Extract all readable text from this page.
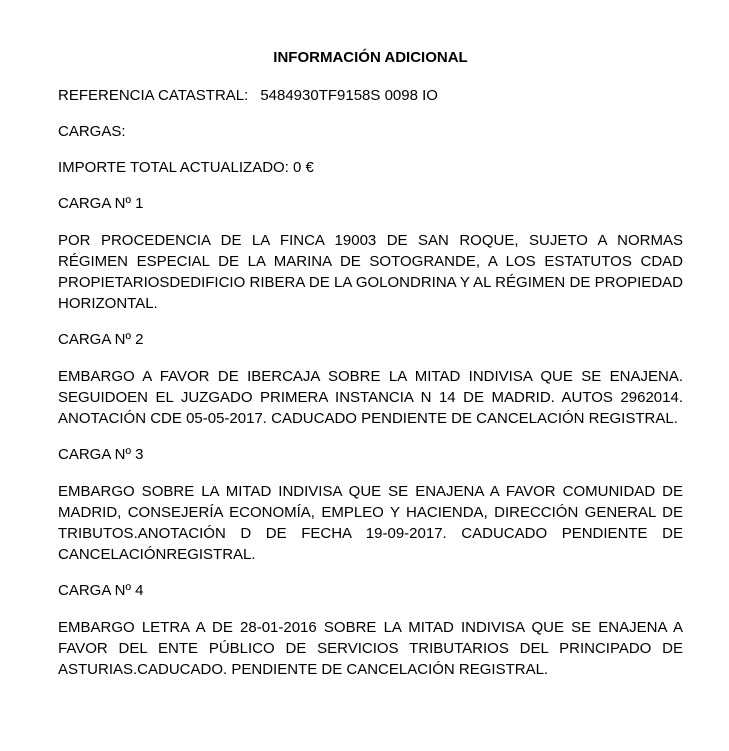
INFORMACIÓN ADICIONAL
REFERENCIA CATASTRAL: 5484930TF9158S 0098 IO
CARGAS:
IMPORTE TOTAL ACTUALIZADO: 0 €
CARGA Nº 1
POR PROCEDENCIA DE LA FINCA 19003 DE SAN ROQUE, SUJETO A NORMAS RÉGIMEN ESPECIAL DE LA MARINA DE SOTOGRANDE, A LOS ESTATUTOS CDAD PROPIETARIOSDEDIFICIO RIBERA DE LA GOLONDRINA Y AL RÉGIMEN DE PROPIEDAD HORIZONTAL.
CARGA Nº 2
EMBARGO A FAVOR DE IBERCAJA SOBRE LA MITAD INDIVISA QUE SE ENAJENA. SEGUIDOEN EL JUZGADO PRIMERA INSTANCIA N 14 DE MADRID. AUTOS 2962014. ANOTACIÓN CDE 05-05-2017. CADUCADO PENDIENTE DE CANCELACIÓN REGISTRAL.
CARGA Nº 3
EMBARGO SOBRE LA MITAD INDIVISA QUE SE ENAJENA A FAVOR COMUNIDAD DE MADRID, CONSEJERÍA ECONOMÍA, EMPLEO Y HACIENDA, DIRECCIÓN GENERAL DE TRIBUTOS.ANOTACIÓN D DE FECHA 19-09-2017. CADUCADO PENDIENTE DE CANCELACIÓNREGISTRAL.
CARGA Nº 4
EMBARGO LETRA A DE 28-01-2016 SOBRE LA MITAD INDIVISA QUE SE ENAJENA A FAVOR DEL ENTE PÚBLICO DE SERVICIOS TRIBUTARIOS DEL PRINCIPADO DE ASTURIAS.CADUCADO. PENDIENTE DE CANCELACIÓN REGISTRAL.
